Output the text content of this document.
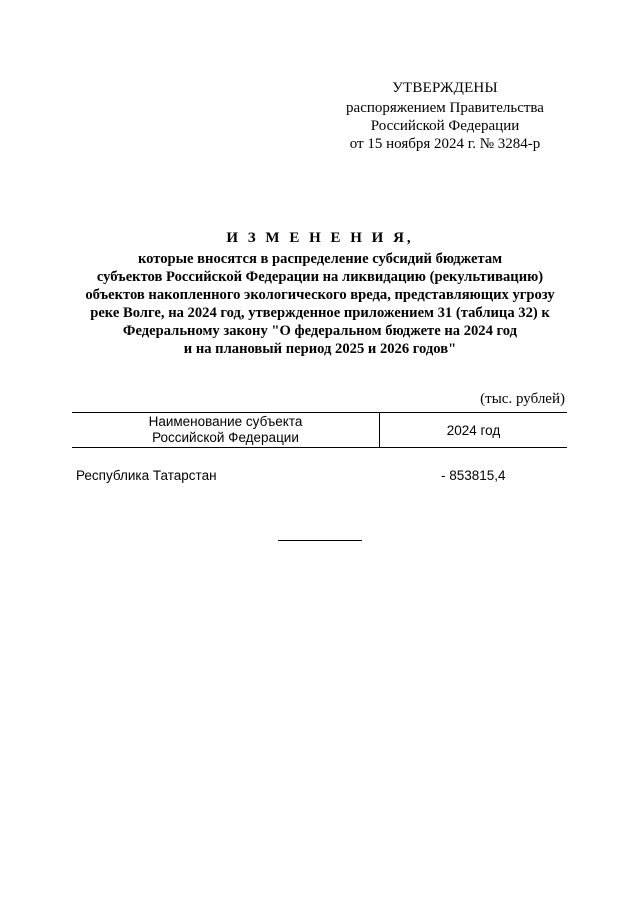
УТВЕРЖДЕНЫ
распоряжением Правительства
Российской Федерации
от 15 ноября 2024 г. № 3284-р
И З М Е Н Е Н И Я,
которые вносятся в распределение субсидий бюджетам
субъектов Российской Федерации на ликвидацию (рекультивацию)
объектов накопленного экологического вреда, представляющих угрозу
реке Волге, на 2024 год, утвержденное приложением 31 (таблица 32) к
Федеральному закону "О федеральном бюджете на 2024 год
и на плановый период 2025 и 2026 годов"
(тыс. рублей)
Наименование субъекта
Российской Федерации	2024 год
Республика Татарстан	- 853815,4
